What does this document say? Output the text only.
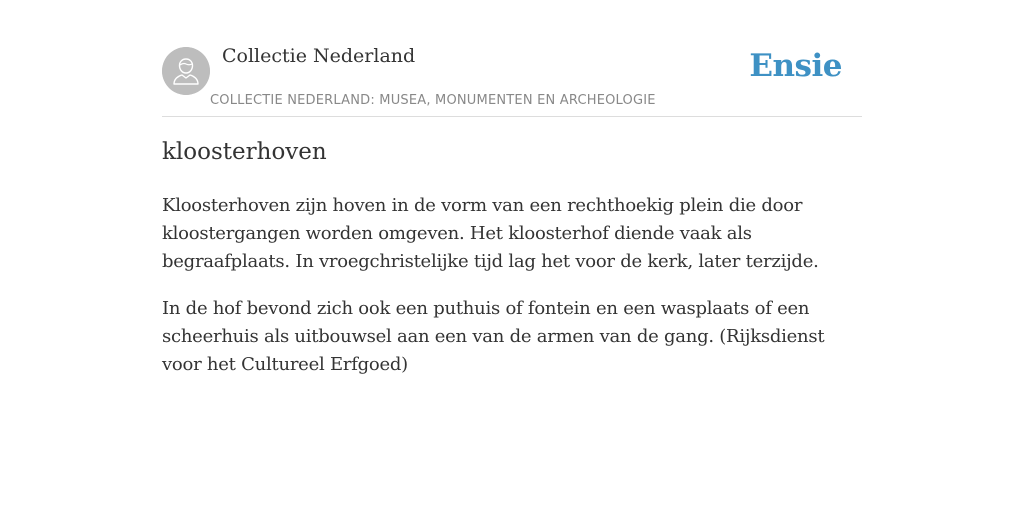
Collectie Nederland
COLLECTIE NEDERLAND: MUSEA, MONUMENTEN EN ARCHEOLOGIE
Ensie
kloosterhoven

Kloosterhoven zijn hoven in de vorm van een rechthoekig plein die door kloostergangen worden omgeven. Het kloosterhof diende vaak als begraafplaats. In vroegchristelijke tijd lag het voor de kerk, later terzijde.

In de hof bevond zich ook een puthuis of fontein en een wasplaats of een scheerhuis als uitbouwsel aan een van de armen van de gang. (Rijksdienst voor het Cultureel Erfgoed)
